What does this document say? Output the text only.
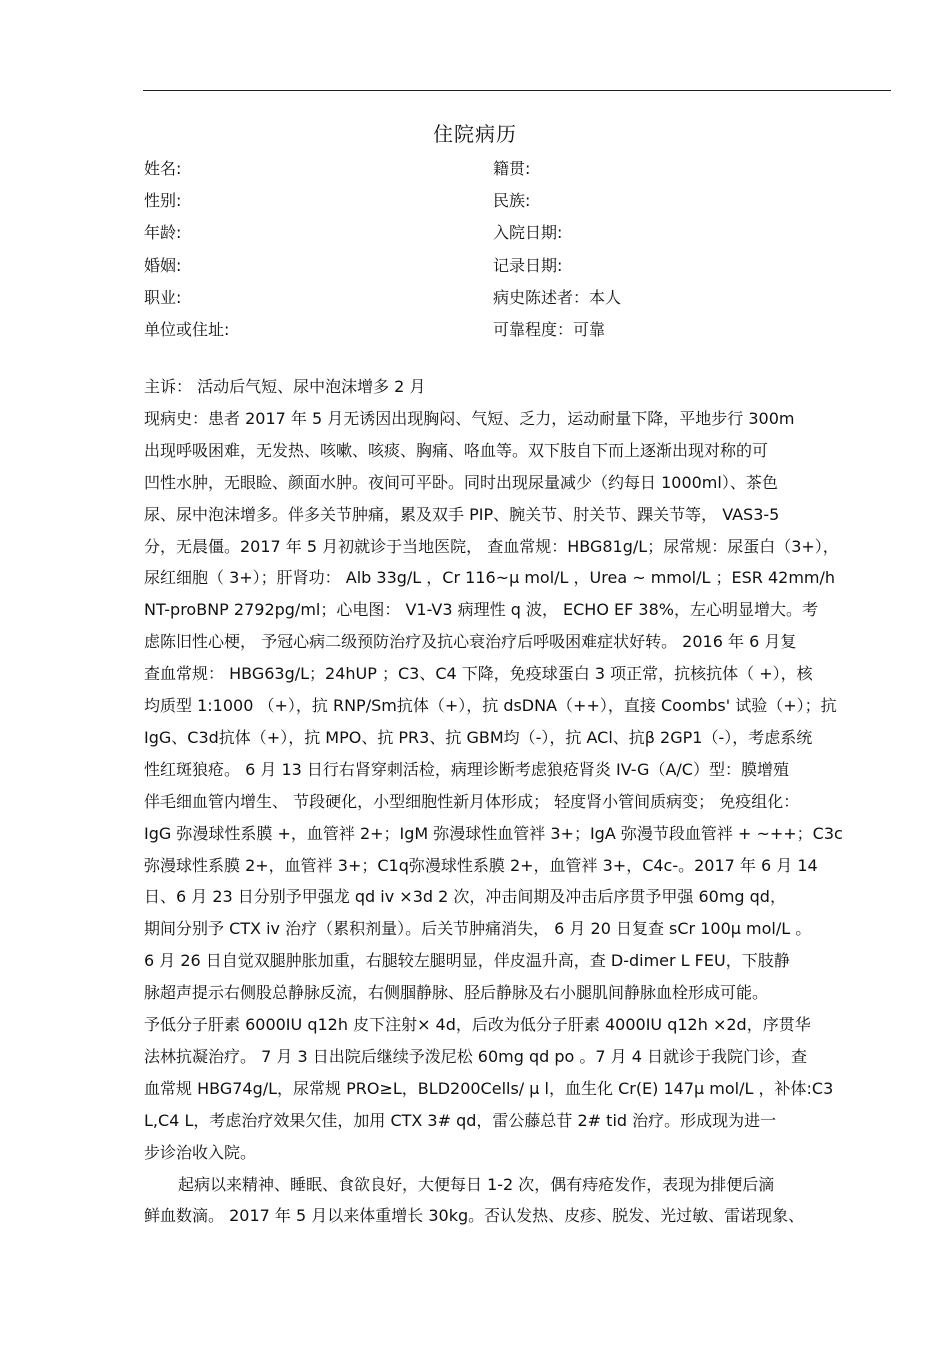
住院病历
姓名:
性别:
年龄:
婚姻:
职业:
单位或住址:
籍贯:
民族:
入院日期:
记录日期:
病史陈述者：本人
可靠程度：可靠
主诉： 活动后气短、尿中泡沫增多 2 月
现病史：患者 2017 年 5 月无诱因出现胸闷、气短、乏力，运动耐量下降，平地步行 300m
出现呼吸困难，无发热、咳嗽、咳痰、胸痛、咯血等。双下肢自下而上逐渐出现对称的可
凹性水肿，无眼睑、颜面水肿。夜间可平卧。同时出现尿量减少（约每日 1000ml）、茶色
尿、尿中泡沫增多。伴多关节肿痛，累及双手 PIP、腕关节、肘关节、踝关节等， VAS3-5
分，无晨僵。2017 年 5 月初就诊于当地医院， 查血常规：HBG81g/L；尿常规：尿蛋白（3+），
尿红细胞（ 3+）；肝肾功： Alb 33g/L ，Cr 116~μ mol/L ，Urea ~ mmol/L ；ESR 42mm/h
NT-proBNP 2792pg/ml；心电图： V1-V3 病理性 q 波， ECHO EF 38%，左心明显增大。考
虑陈旧性心梗， 予冠心病二级预防治疗及抗心衰治疗后呼吸困难症状好转。 2016 年 6 月复
查血常规： HBG63g/L；24hUP ；C3、C4 下降，免疫球蛋白 3 项正常，抗核抗体（ +），核
均质型 1:1000 （+），抗 RNP/Sm抗体（+），抗 dsDNA（++），直接 Coombs' 试验（+）；抗
IgG、C3d抗体（+），抗 MPO、抗 PR3、抗 GBM均（-），抗 ACl、抗β 2GP1（-），考虑系统
性红斑狼疮。 6 月 13 日行右肾穿刺活检，病理诊断考虑狼疮肾炎 IV-G（A/C）型：膜增殖
伴毛细血管内增生、 节段硬化，小型细胞性新月体形成； 轻度肾小管间质病变； 免疫组化：
IgG 弥漫球性系膜 +，血管袢 2+；IgM 弥漫球性血管袢 3+；IgA 弥漫节段血管袢 + ~++；C3c
弥漫球性系膜 2+，血管袢 3+；C1q弥漫球性系膜 2+，血管袢 3+，C4c-。2017 年 6 月 14
日、6 月 23 日分别予甲强龙 qd iv ×3d 2 次，冲击间期及冲击后序贯予甲强 60mg qd，
期间分别予 CTX iv 治疗（累积剂量）。后关节肿痛消失， 6 月 20 日复查 sCr 100μ mol/L 。
6 月 26 日自觉双腿肿胀加重，右腿较左腿明显，伴皮温升高，查 D-dimer L FEU，下肢静
脉超声提示右侧股总静脉反流，右侧腘静脉、胫后静脉及右小腿肌间静脉血栓形成可能。
予低分子肝素 6000IU q12h 皮下注射× 4d，后改为低分子肝素 4000IU q12h ×2d，序贯华
法林抗凝治疗。 7 月 3 日出院后继续予泼尼松 60mg qd po 。7 月 4 日就诊于我院门诊，查
血常规 HBG74g/L，尿常规 PRO≥L，BLD200Cells/ μ l，血生化 Cr(E) 147μ mol/L ，补体:C3
L,C4 L，考虑治疗效果欠佳，加用 CTX 3# qd，雷公藤总苷 2# tid 治疗。形成现为进一
步诊治收入院。
起病以来精神、睡眠、食欲良好，大便每日 1-2 次，偶有痔疮发作，表现为排便后滴
鲜血数滴。 2017 年 5 月以来体重增长 30kg。否认发热、皮疹、脱发、光过敏、雷诺现象、
